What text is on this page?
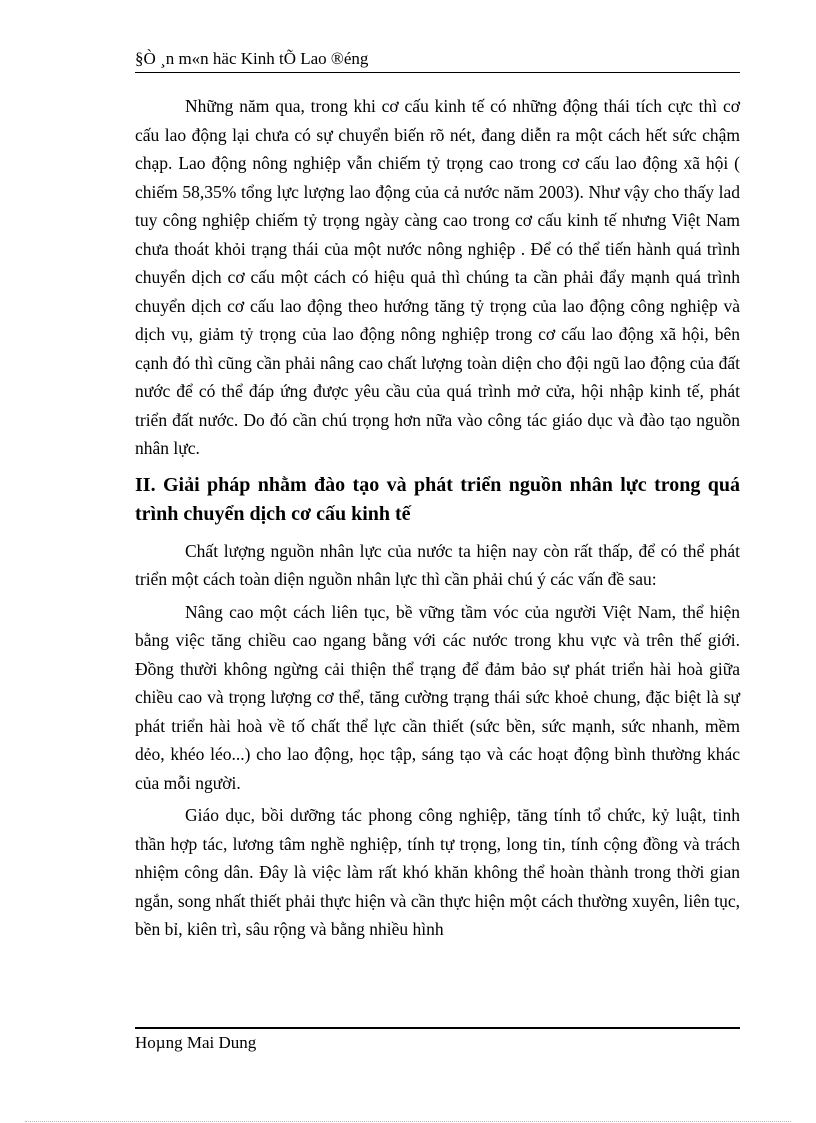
§Ò ¸n m«n häc Kinh tÕ Lao ®éng

Những năm qua, trong khi cơ cấu kinh tế có những động thái tích cực thì cơ cấu lao động lại chưa có sự chuyển biến rõ nét, đang diễn ra một cách hết sức chậm chạp. Lao động nông nghiệp vẫn chiếm tỷ trọng cao trong cơ cấu lao động xã hội ( chiếm 58,35% tổng lực lượng lao động của cả nước năm 2003). Như vậy cho thấy lad tuy công nghiệp chiếm tỷ trọng ngày càng cao trong cơ cấu kinh tế nhưng Việt Nam chưa thoát khỏi trạng thái của một nước nông nghiệp . Để có thể tiến hành quá trình chuyển dịch cơ cấu một cách có hiệu quả thì chúng ta cần phải đẩy mạnh quá trình chuyển dịch cơ cấu lao động theo hướng tăng tỷ trọng của lao động công nghiệp và dịch vụ, giảm tỷ trọng của lao động nông nghiệp trong cơ cấu lao động xã hội, bên cạnh đó thì cũng cần phải nâng cao chất lượng toàn diện cho đội ngũ lao động của đất nước để có thể đáp ứng được yêu cầu của quá trình mở cửa, hội nhập kinh tế, phát triển đất nước. Do đó cần chú trọng hơn nữa vào công tác giáo dục và đào tạo nguồn nhân lực.

II. Giải pháp nhằm đào tạo và phát triển nguồn nhân lực trong quá trình chuyển dịch cơ cấu kinh tế

Chất lượng nguồn nhân lực của nước ta hiện nay còn rất thấp, để có thể phát triển một cách toàn diện nguồn nhân lực thì cần phải chú ý các vấn đề sau:

Nâng cao một cách liên tục, bề vững tầm vóc của người Việt Nam, thể hiện bằng việc tăng chiều cao ngang bằng với các nước trong khu vực và trên thế giới. Đồng thười không ngừng cải thiện thể trạng để đảm bảo sự phát triển hài hoà giữa chiều cao và trọng lượng cơ thể, tăng cường trạng thái sức khoẻ chung, đặc biệt là sự phát triển hài hoà về tố chất thể lực cần thiết (sức bền, sức mạnh, sức nhanh, mềm dẻo, khéo léo...) cho lao động, học tập, sáng tạo và các hoạt động bình thường khác của mỗi người.

Giáo dục, bồi dưỡng tác phong công nghiệp, tăng tính tổ chức, kỷ luật, tinh thần hợp tác, lương tâm nghề nghiệp, tính tự trọng, long tin, tính cộng đồng và trách nhiệm công dân. Đây là việc làm rất khó khăn không thể hoàn thành trong thời gian ngắn, song nhất thiết phải thực hiện và cần thực hiện một cách thường xuyên, liên tục, bền bỉ, kiên trì, sâu rộng và bằng nhiều hình

Hoµng Mai Dung
